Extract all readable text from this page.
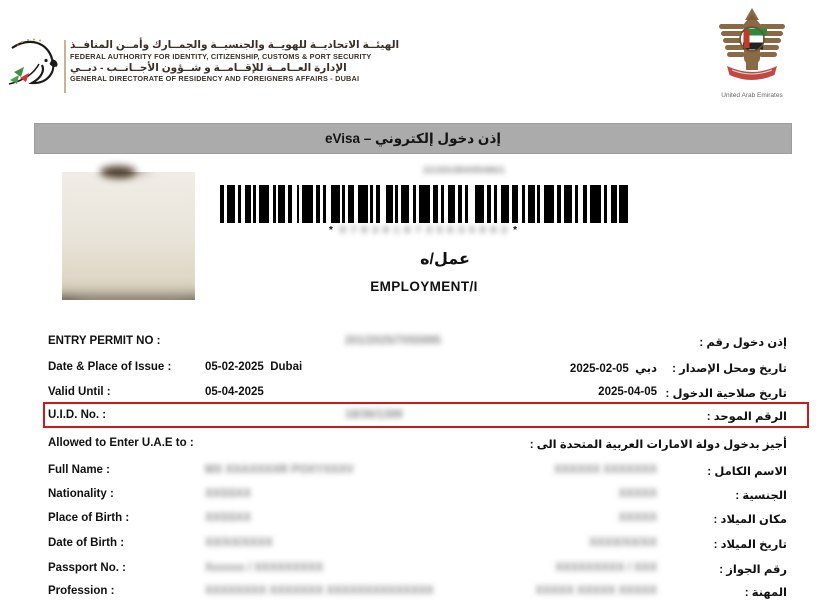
الهيئــة الاتحاديــة للهويــة والجنسيــة والجمــارك وأمــن المنافــذ
FEDERAL AUTHORITY FOR IDENTITY, CITIZENSHIP, CUSTOMS & PORT SECURITY
الإدارة العــامــة للإقــامــة و شــؤون الأجــانــب - دبــي
GENERAL DIRECTORATE OF RESIDENCY AND FOREIGNERS AFFAIRS - DUBAI
United Arab Emirates
إذن دخول إلكتروني – eVisa
2210DUB0095486/1
* 8 7 8 3 8 1 8 7 3 5 6 3 5 8 9 2 *
عمل/ه
EMPLOYMENT/I
ENTRY PERMIT NO :	201/2025/7055995	إذن دخول رقم :
Date & Place of Issue :	05-02-2025  Dubai	2025-02-05  دبي تاريخ ومحل الإصدار :
Valid Until :	05-04-2025	2025-04-05 تاريخ صلاحية الدخول :
U.I.D. No. :	18/36/1399	الرقم الموحد :
Allowed to Enter U.A.E to :	أجيز بدخول دولة الامارات العربية المتحدة الى :
Full Name :	MX XXAXXXXR POXYXXXV	XXXXXX XXXXXXX	الاسم الكامل :
Nationality :	XXSSXX	XXXXX	الجنسية :
Place of Birth :	XXSSXX	XXXXX	مكان الميلاد :
Date of Birth :	XX/XX/XXXX	XXXX/XX/XX	تاريخ الميلاد :
Passport No. :	Xxxxxx / XXXXXXXXX	XXXXXXXXX / XXX	رقم الجواز :
Profession :	XXXXXXXX XXXXXXX XXXXXXXXXXXXXX	XXXXX XXXXX XXXXX	المهنة :
